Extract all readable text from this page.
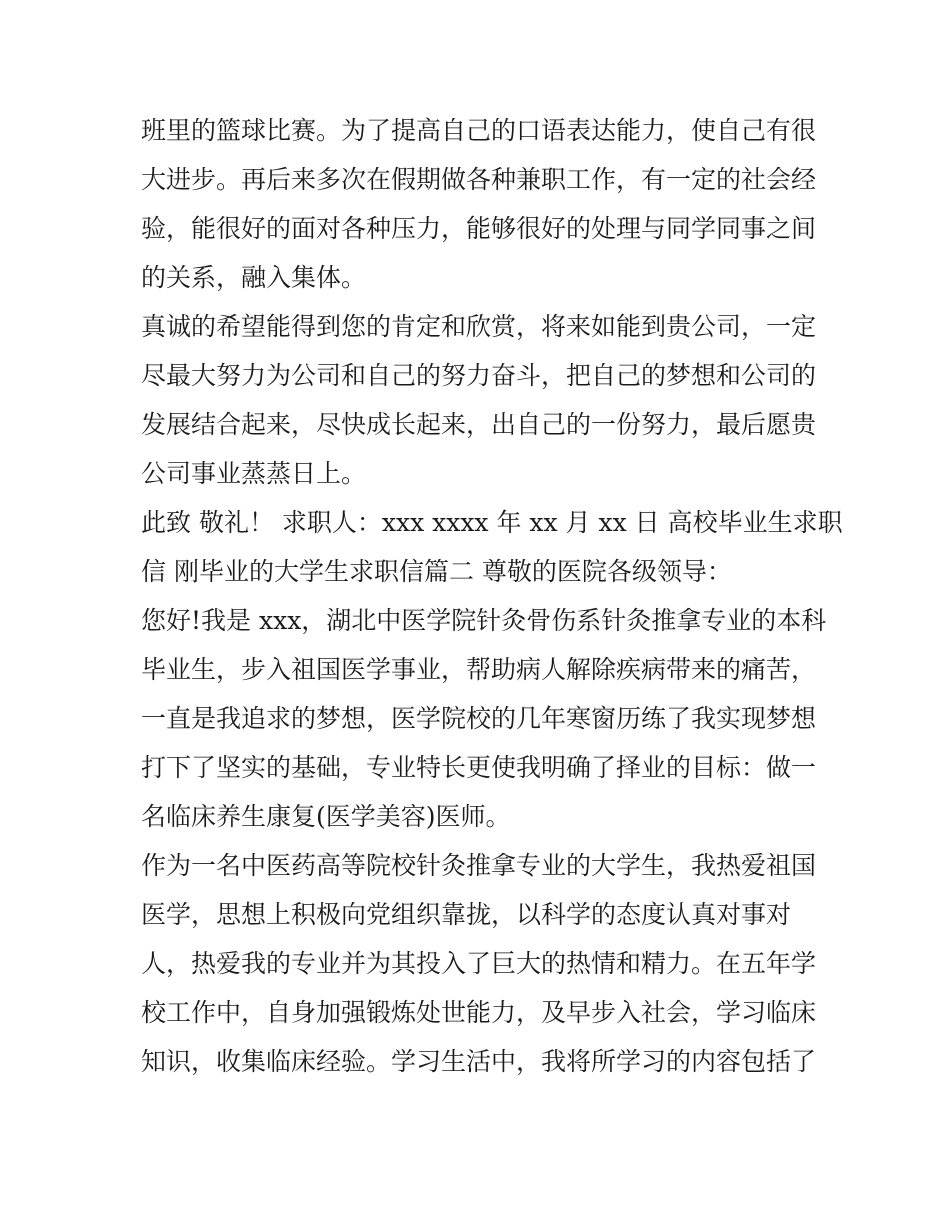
班里的篮球比赛。为了提高自己的口语表达能力，使自己有很
大进步。再后来多次在假期做各种兼职工作，有一定的社会经
验，能很好的面对各种压力，能够很好的处理与同学同事之间
的关系，融入集体。
真诚的希望能得到您的肯定和欣赏，将来如能到贵公司，一定
尽最大努力为公司和自己的努力奋斗，把自己的梦想和公司的
发展结合起来，尽快成长起来，出自己的一份努力，最后愿贵
公司事业蒸蒸日上。
此致 敬礼！ 求职人：xxx xxxx 年 xx 月 xx 日 高校毕业生求职
信 刚毕业的大学生求职信篇二 尊敬的医院各级领导：
您好!我是 xxx，湖北中医学院针灸骨伤系针灸推拿专业的本科
毕业生，步入祖国医学事业，帮助病人解除疾病带来的痛苦，
一直是我追求的梦想，医学院校的几年寒窗历练了我实现梦想
打下了坚实的基础，专业特长更使我明确了择业的目标：做一
名临床养生康复(医学美容)医师。
作为一名中医药高等院校针灸推拿专业的大学生，我热爱祖国
医学，思想上积极向党组织靠拢，以科学的态度认真对事对
人，热爱我的专业并为其投入了巨大的热情和精力。在五年学
校工作中，自身加强锻炼处世能力，及早步入社会，学习临床
知识，收集临床经验。学习生活中，我将所学习的内容包括了
